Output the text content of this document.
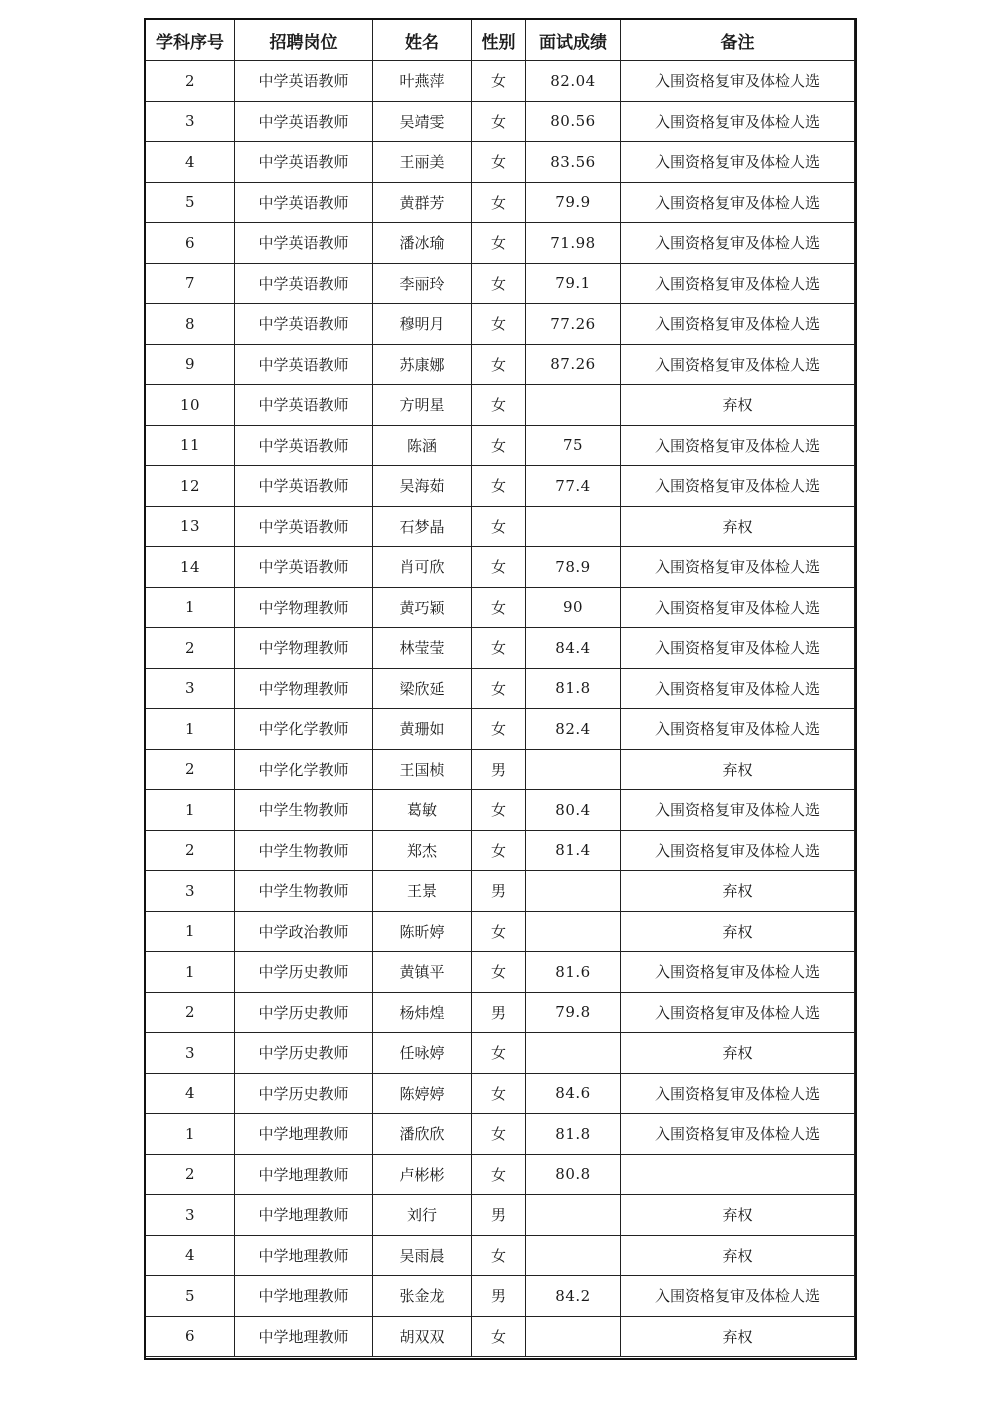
学科序号	招聘岗位	姓名	性别	面试成绩	备注
2	中学英语教师	叶燕萍	女	82.04	入围资格复审及体检人选
3	中学英语教师	吴靖雯	女	80.56	入围资格复审及体检人选
4	中学英语教师	王丽美	女	83.56	入围资格复审及体检人选
5	中学英语教师	黄群芳	女	79.9	入围资格复审及体检人选
6	中学英语教师	潘冰瑜	女	71.98	入围资格复审及体检人选
7	中学英语教师	李丽玲	女	79.1	入围资格复审及体检人选
8	中学英语教师	穆明月	女	77.26	入围资格复审及体检人选
9	中学英语教师	苏康娜	女	87.26	入围资格复审及体检人选
10	中学英语教师	方明星	女		弃权
11	中学英语教师	陈涵	女	75	入围资格复审及体检人选
12	中学英语教师	吴海茹	女	77.4	入围资格复审及体检人选
13	中学英语教师	石梦晶	女		弃权
14	中学英语教师	肖可欣	女	78.9	入围资格复审及体检人选
1	中学物理教师	黄巧颖	女	90	入围资格复审及体检人选
2	中学物理教师	林莹莹	女	84.4	入围资格复审及体检人选
3	中学物理教师	梁欣延	女	81.8	入围资格复审及体检人选
1	中学化学教师	黄珊如	女	82.4	入围资格复审及体检人选
2	中学化学教师	王国桢	男		弃权
1	中学生物教师	葛敏	女	80.4	入围资格复审及体检人选
2	中学生物教师	郑杰	女	81.4	入围资格复审及体检人选
3	中学生物教师	王景	男		弃权
1	中学政治教师	陈昕婷	女		弃权
1	中学历史教师	黄镇平	女	81.6	入围资格复审及体检人选
2	中学历史教师	杨炜煌	男	79.8	入围资格复审及体检人选
3	中学历史教师	任咏婷	女		弃权
4	中学历史教师	陈婷婷	女	84.6	入围资格复审及体检人选
1	中学地理教师	潘欣欣	女	81.8	入围资格复审及体检人选
2	中学地理教师	卢彬彬	女	80.8	
3	中学地理教师	刘行	男		弃权
4	中学地理教师	吴雨晨	女		弃权
5	中学地理教师	张金龙	男	84.2	入围资格复审及体检人选
6	中学地理教师	胡双双	女		弃权
